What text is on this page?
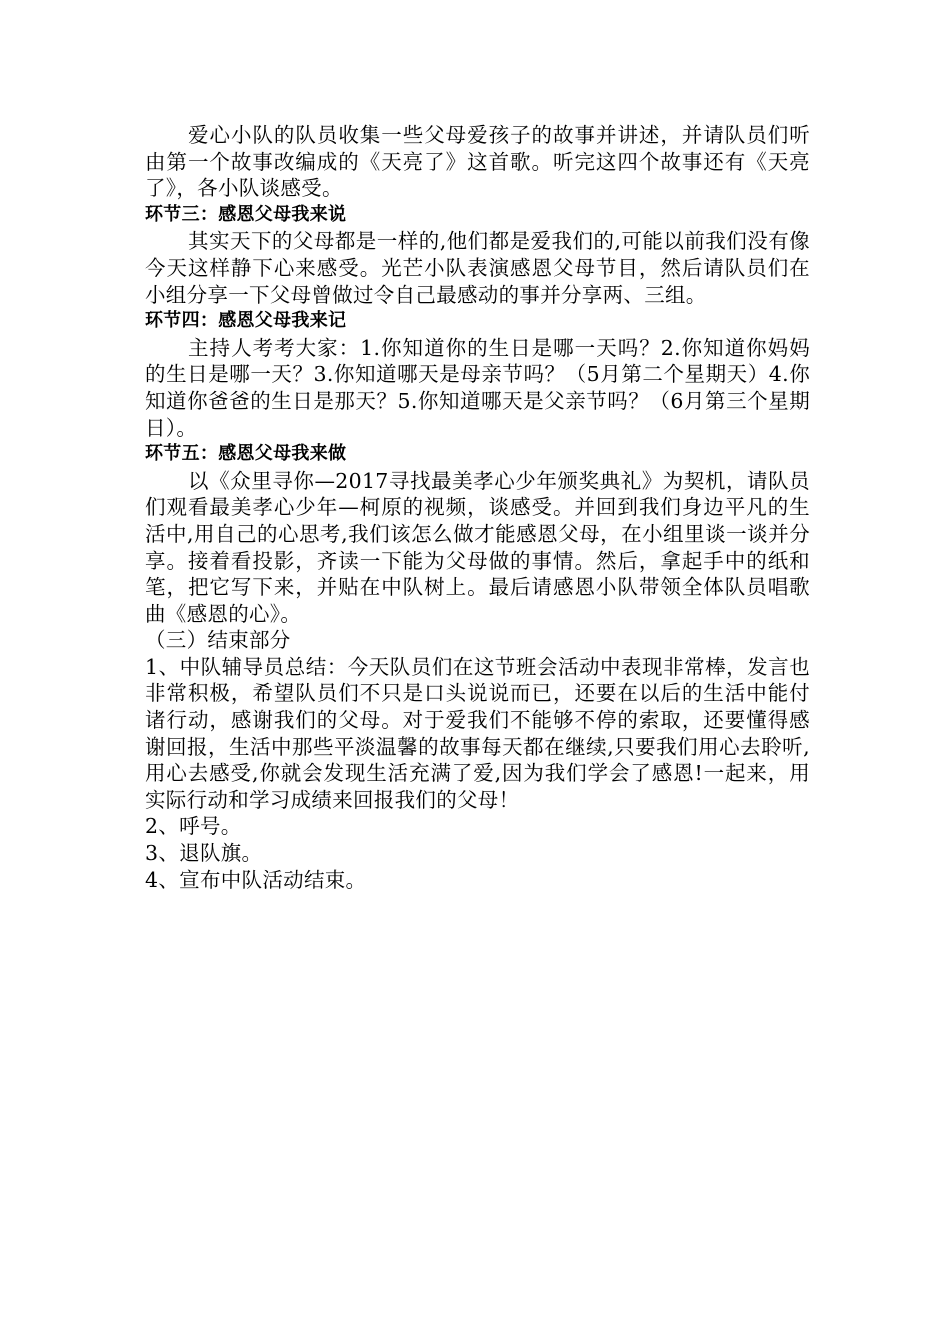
爱心小队的队员收集一些父母爱孩子的故事并讲述，并请队员们听由第一个故事改编成的《天亮了》这首歌。听完这四个故事还有《天亮了》，各小队谈感受。

环节三：感恩父母我来说

其实天下的父母都是一样的,他们都是爱我们的,可能以前我们没有像今天这样静下心来感受。光芒小队表演感恩父母节目，然后请队员们在小组分享一下父母曾做过令自己最感动的事并分享两、三组。

环节四：感恩父母我来记

主持人考考大家：1.你知道你的生日是哪一天吗？2.你知道你妈妈的生日是哪一天？3.你知道哪天是母亲节吗？（5月第二个星期天）4.你知道你爸爸的生日是那天？5.你知道哪天是父亲节吗？（6月第三个星期日）。

环节五：感恩父母我来做

以《众里寻你—2017寻找最美孝心少年颁奖典礼》为契机，请队员们观看最美孝心少年—柯原的视频，谈感受。并回到我们身边平凡的生活中,用自己的心思考,我们该怎么做才能感恩父母，在小组里谈一谈并分享。接着看投影，齐读一下能为父母做的事情。然后，拿起手中的纸和笔，把它写下来，并贴在中队树上。最后请感恩小队带领全体队员唱歌曲《感恩的心》。

（三）结束部分

1、中队辅导员总结：今天队员们在这节班会活动中表现非常棒，发言也非常积极，希望队员们不只是口头说说而已，还要在以后的生活中能付诸行动，感谢我们的父母。对于爱我们不能够不停的索取，还要懂得感谢回报，生活中那些平淡温馨的故事每天都在继续,只要我们用心去聆听,用心去感受,你就会发现生活充满了爱,因为我们学会了感恩!一起来，用实际行动和学习成绩来回报我们的父母！

2、呼号。

3、退队旗。

4、宣布中队活动结束。
